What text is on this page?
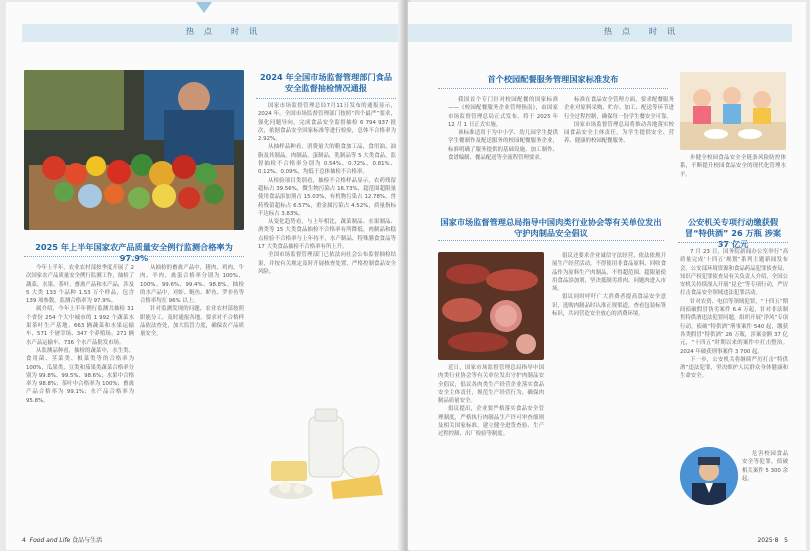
热　点　　时　讯
2024 年全国市场监督管理部门食品安全监督抽检情况通报

国家市场监督管理总局7月11日发布的通报显示，2024 年，全国市场监督管理部门按照“四个最严”要求，强化问题导向，完成食品安全监督抽检 6 794 937 批次，依据食品安全国家标准等进行检验，总体不合格率为 2.92%。

从抽样品种看，消费量大的粮食加工品，食用油、油脂及其制品，肉制品，蛋制品，乳制品等 5 大类食品，监督抽检不合格率分别为 0.54%、0.72%、0.81%、0.12%、0.09%，均低于总体抽检不合格率。

从检验项目类别看，抽检不合格样品显示，农药残留超标占 39.56%，微生物污染占 16.73%，超范围超限量使用食品添加剂占 15.03%，有机物污染占 12.78%，兽药残留超标占 6.57%，重金属污染占 4.52%，质量指标不达标占 3.83%。

从变化趋势看，与上年相比，蔬菜制品、水果制品、酒类等 15 大类食品抽检不合格率有所降低。肉制品和糕点检验不合格率与上年持平，水产制品、特殊膳食食品等 17 大类食品抽检不合格率有所上升。

全国市场监督管理部门已依法向社会公布监督抽检结果，并按有关规定及时开展核查处置，严格控制食品安全风险。

2025 年上半年国家农产品质量安全例行监测合格率为 97.9%

今年上半年，农业农村部按季度开展了 2 次国家农产品质量安全例行监测工作，抽检了蔬菜、水果、茶叶、畜禽产品和水产品，涉及 5 大类 133 个品种 1.53 万个样品，包含 139 项参数，监测合格率为 97.9%。

属介绍，今年上半年例行监测共抽检 31 个省份 254 个大中城市的 1 992 个蔬菜水果茶叶生产基地、663 辆蔬菜和水果运输车、571 个屠宰场、347 个养殖场、271 辆水产品运输车、736 个水产品批发市场。

从监测品种看，抽检的蔬菜中，水生类、食用菌、茎菜类、根菜类等的合格率为 100%，瓜果类、豆类和茄果类蔬菜合格率分别为 99.8%、99.5%、98.6%；水果中合格率为 98.8%；茶叶中合格率为 100%；畜禽产品合格率为 99.1%；水产品合格率为 95.8%。

从抽检的畜禽产品中，猪肉、鸡肉、牛肉、羊肉、禽蛋合格率分别为 100%、100%、99.6%、99.4%、98.8%。抽检的水产品中，对虾、鲢鱼、鲈鱼、罗非鱼等合格率均在 96% 以上。

针对监测发现的问题，农业农村部按照职能分工，及时通报各地，要求对不合格样品依法查处，加大监管力度，确保农产品质量安全。

4 Food and Life 食品与生活
热　点　　时　讯
首个校园配餐服务管理国家标准发布

我国首个专门针对校园配餐的国家标准——《校园配餐服务企业管理指南》，由国家市场监督管理总局正式发布，将于 2025 年 12 月 1 日正式实施。

该标准适用于为中小学、幼儿园学生提供学生餐制作及配送服务的校园配餐服务企业，标准明确了服务提供的基础设施、加工制作、食谱编制、餐品配送等全流程管理要求。

标准在食品安全管理方面，要求配餐服务企业对原料采购、贮存、加工、配送等环节进行全过程控制，确保每一份学生餐安全可靠。

国家市场监督管理总局将推动各地落实校园食品安全主体责任，为学生提供安全、营养、健康的校园配餐服务。

步健全校园食品安全全链条风险防控体系，不断提升校园食品安全的现代化管理水平。

国家市场监督管理总局指导中国肉类行业协会等有关单位发出守护肉制品安全倡议

近日，国家市场监督管理总局指导中国肉类行业协会等有关单位发出守护肉制品安全倡议，倡议各肉类生产经营企业落实食品安全主体责任，规范生产经营行为，确保肉制品质量安全。

倡议提出，企业要严格落实食品安全管理制度，严格执行肉制品生产许可审查细则及相关国家标准，建立健全进货查验、生产过程控制、出厂检验等制度。

倡议还要求企业诚信守法经营，依法依规开展生产经营活动，不得使用非食品原料、回收食品作为原料生产肉制品，不得超范围、超限量使用食品添加剂，坚决抵制劣质肉、问题肉进入市场。

倡议同时呼吁广大消费者提高食品安全意识，选购肉制品时认准正规渠道，查看包装标签标识，共同营造安全放心的消费环境。

公安机关专项行动缴获假冒“特供酒” 26 万瓶 涉案 37 亿元

7 月 23 日，国务院新闻办公室举行“高质量完成‘十四五’规划”系列主题新闻发布会。公安部环境资源和食品药品犯罪侦查局、知识产权犯罪侦查局有关负责人介绍，全国公安机关持续深入开展“昆仑”等专项行动，严厉打击食品安全领域违法犯罪活动。

针对农资、电信等领域犯罪，“十四五”期间侦破假冒伪劣案件 6.4 万起，针对非法制售特供酒违法犯罪问题，组织开展“净风”专项行动，侦破“特供酒”刑事案件 540 起，缴获各类假冒“特供酒” 26 万瓶，涉案金额 37 亿元，“十四五”时期以来的案件中打击整治。2024 年破获刑事案件 3 700 起。

下一步，公安机关将继续严厉打击“特供酒”违法犯罪，坚决维护人民群众身体健康和生命安全。

危害校园食品安全等犯罪，侦破相关案件 5 300 余起。

2025·8 5
